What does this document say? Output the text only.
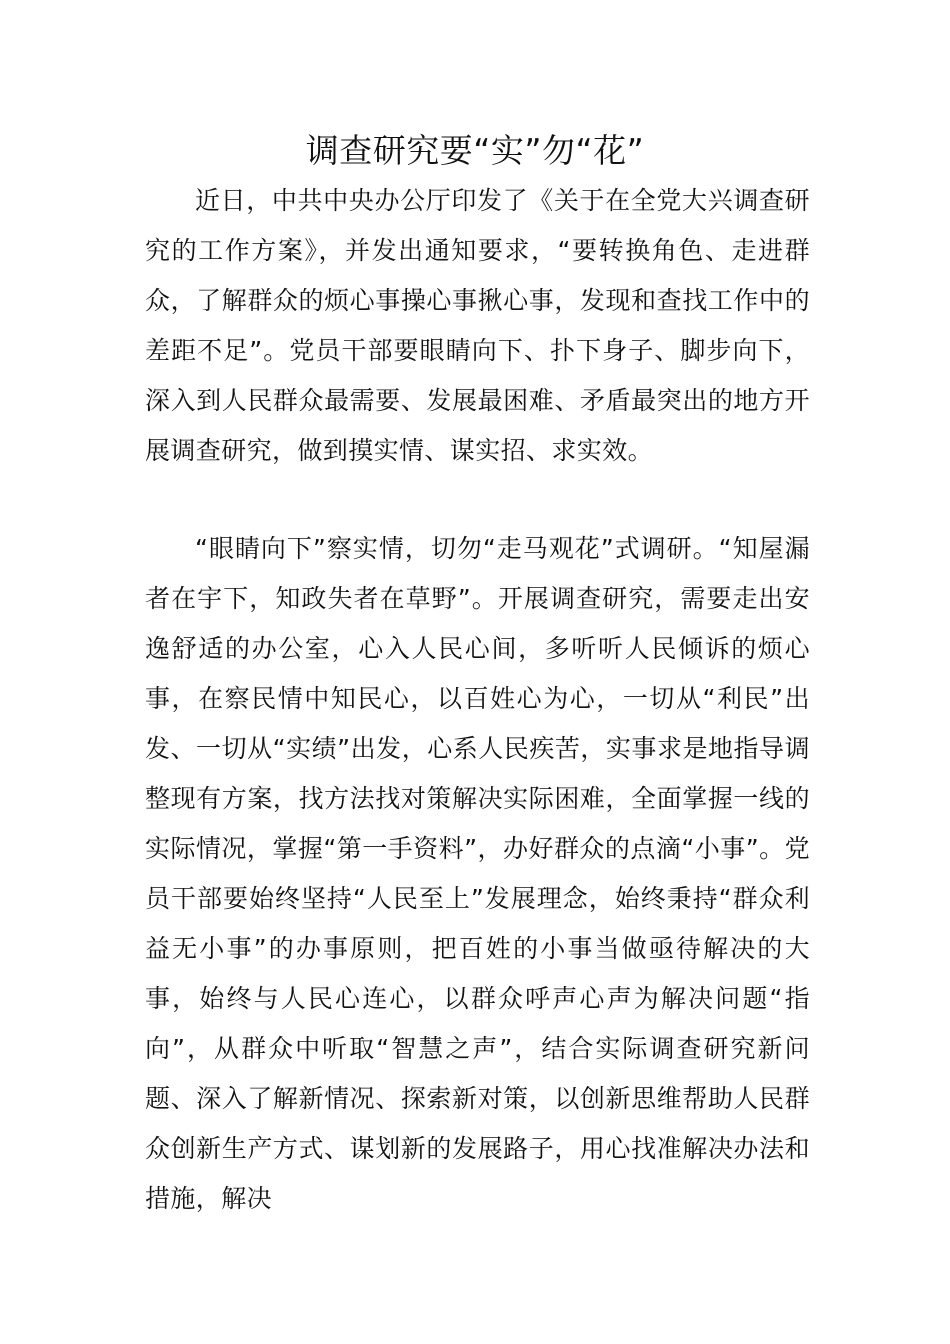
调查研究要“实”勿“花”

近日，中共中央办公厅印发了《关于在全党大兴调查研究的工作方案》，并发出通知要求，“要转换角色、走进群众，了解群众的烦心事操心事揪心事，发现和查找工作中的差距不足”。党员干部要眼睛向下、扑下身子、脚步向下，深入到人民群众最需要、发展最困难、矛盾最突出的地方开展调查研究，做到摸实情、谋实招、求实效。

“眼睛向下”察实情，切勿“走马观花”式调研。“知屋漏者在宇下，知政失者在草野”。开展调查研究，需要走出安逸舒适的办公室，心入人民心间，多听听人民倾诉的烦心事，在察民情中知民心，以百姓心为心，一切从“利民”出发、一切从“实绩”出发，心系人民疾苦，实事求是地指导调整现有方案，找方法找对策解决实际困难，全面掌握一线的实际情况，掌握“第一手资料”，办好群众的点滴“小事”。党员干部要始终坚持“人民至上”发展理念，始终秉持“群众利益无小事”的办事原则，把百姓的小事当做亟待解决的大事，始终与人民心连心，以群众呼声心声为解决问题“指向”，从群众中听取“智慧之声”，结合实际调查研究新问题、深入了解新情况、探索新对策，以创新思维帮助人民群众创新生产方式、谋划新的发展路子，用心找准解决办法和措施，解决
